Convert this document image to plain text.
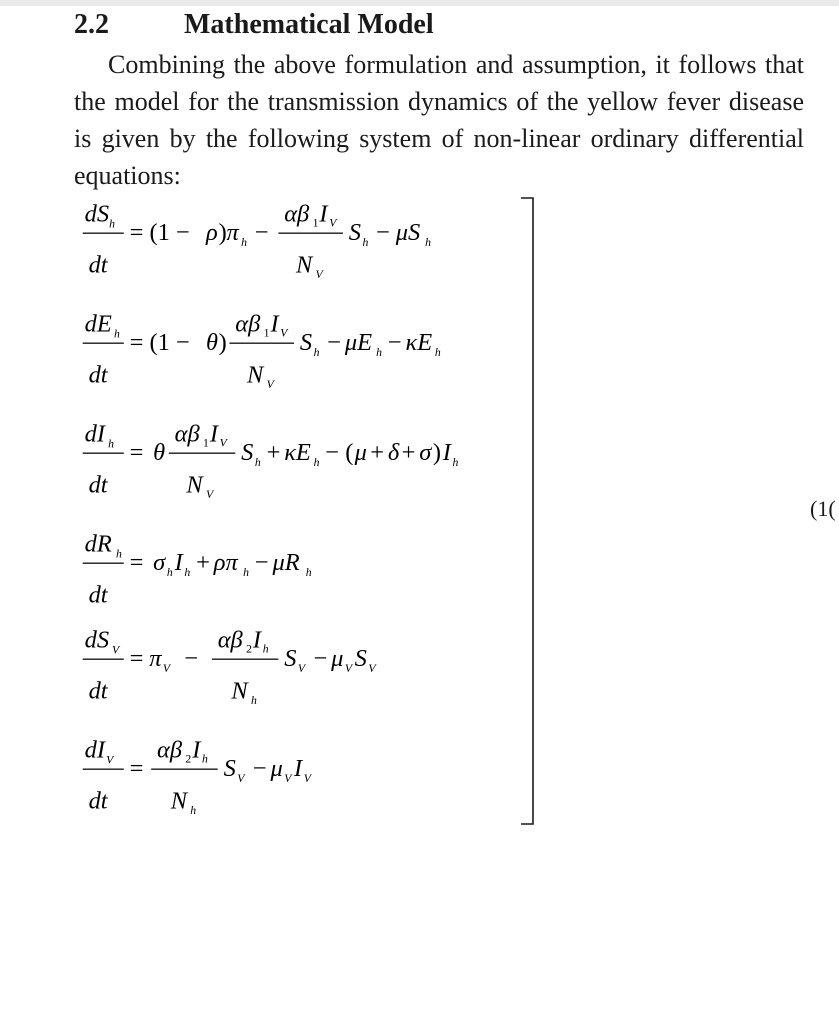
2.2	Mathematical Model
Combining the above formulation and assumption, it follows that the model for the transmission dynamics of the yellow fever disease is given by the following system of non-linear ordinary differential equations:
$dS_h$
dt
= (1 − ρ ) π h −
αβ 1 I V
N V
S h − μS h
dE h
dt
= (1 − θ )
αβ 1 I V
N V
S h − μE h − κE h
dI h
dt
= θ
αβ 1 I V
N V
S h + κE h − ( μ + δ + σ ) I h
dR h
dt
= σ h I h + ρπ h − μR h
dS V
dt
= π V −
αβ 2 I h
N h
S V − μ V S V
dI V
dt
=
αβ 2 I h
N h
S V − μ V I V
(1(
